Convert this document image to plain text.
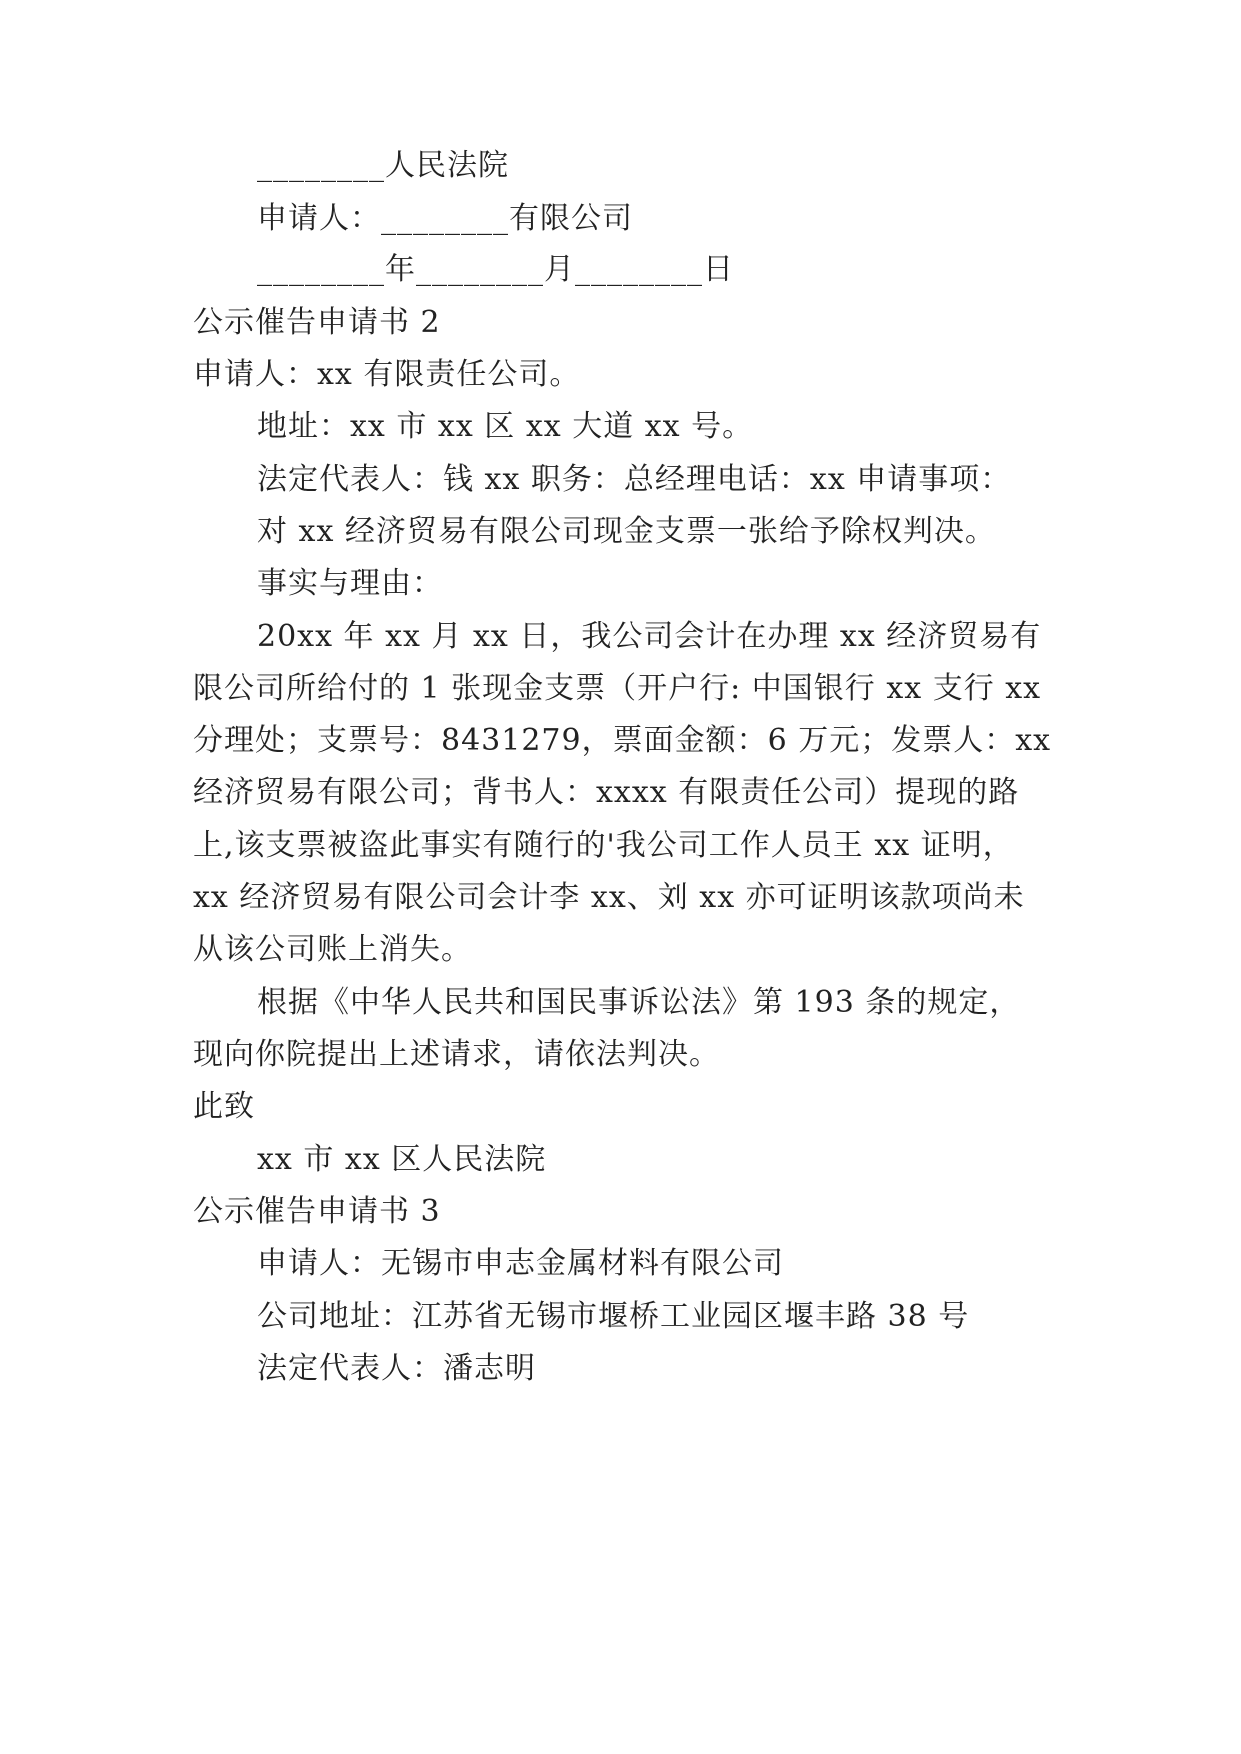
________人民法院
申请人：________有限公司
________年________月________日
公示催告申请书 2
申请人：xx 有限责任公司。
地址：xx 市 xx 区 xx 大道 xx 号。
法定代表人：钱 xx 职务：总经理电话：xx 申请事项：
对 xx 经济贸易有限公司现金支票一张给予除权判决。
事实与理由：
20xx 年 xx 月 xx 日，我公司会计在办理 xx 经济贸易有
限公司所给付的 1 张现金支票（开户行: 中国银行 xx 支行 xx
分理处；支票号：8431279，票面金额：6 万元；发票人：xx
经济贸易有限公司；背书人：xxxx 有限责任公司）提现的路
上,该支票被盗此事实有随行的'我公司工作人员王 xx 证明，
xx 经济贸易有限公司会计李 xx、刘 xx 亦可证明该款项尚未
从该公司账上消失。
根据《中华人民共和国民事诉讼法》第 193 条的规定，
现向你院提出上述请求，请依法判决。
此致
xx 市 xx 区人民法院
公示催告申请书 3
申请人：无锡市申志金属材料有限公司
公司地址：江苏省无锡市堰桥工业园区堰丰路 38 号
法定代表人：潘志明
